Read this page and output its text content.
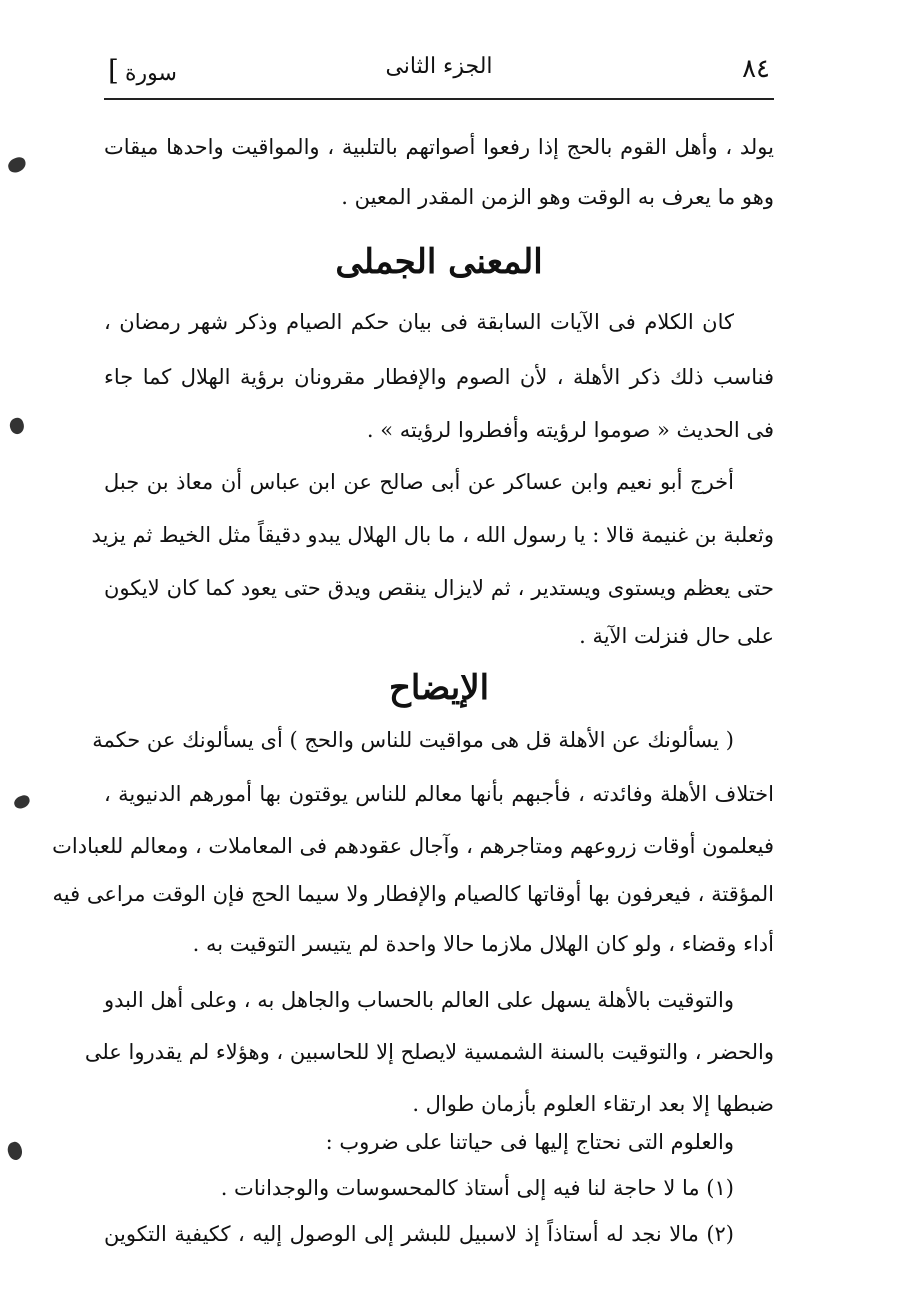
٨٤
الجزء الثانى
سورة]
يولد ، وأهل القوم بالحج إذا رفعوا أصواتهم بالتلبية ، والمواقيت واحدها ميقات
وهو ما يعرف به الوقت وهو الزمن المقدر المعين .
المعنى الجملى
كان الكلام فى الآيات السابقة فى بيان حكم الصيام وذكر شهر رمضان ،
فناسب ذلك ذكر الأهلة ، لأن الصوم والإفطار مقرونان برؤية الهلال كما جاء
فى الحديث « صوموا لرؤيته وأفطروا لرؤيته » .
أخرج أبو نعيم وابن عساكر عن أبى صالح عن ابن عباس أن معاذ بن جبل
وثعلبة بن غنيمة قالا : يا رسول الله ، ما بال الهلال يبدو دقيقاً مثل الخيط ثم يزيد
حتى يعظم ويستوى ويستدير ، ثم لايزال ينقص ويدق حتى يعود كما كان لايكون
على حال فنزلت الآية .
الإيضاح
( يسألونك عن الأهلة قل هى مواقيت للناس والحج ) أى يسألونك عن حكمة
اختلاف الأهلة وفائدته ، فأجبهم بأنها معالم للناس يوقتون بها أمورهم الدنيوية ،
فيعلمون أوقات زروعهم ومتاجرهم ، وآجال عقودهم فى المعاملات ، ومعالم للعبادات
المؤقتة ، فيعرفون بها أوقاتها كالصيام والإفطار ولا سيما الحج فإن الوقت مراعى فيه
أداء وقضاء ، ولو كان الهلال ملازما حالا واحدة لم يتيسر التوقيت به .
والتوقيت بالأهلة يسهل على العالم بالحساب والجاهل به ، وعلى أهل البدو
والحضر ، والتوقيت بالسنة الشمسية لايصلح إلا للحاسبين ، وهؤلاء لم يقدروا على
ضبطها إلا بعد ارتقاء العلوم بأزمان طوال .
والعلوم التى نحتاج إليها فى حياتنا على ضروب :
(١) ما لا حاجة لنا فيه إلى أستاذ كالمحسوسات والوجدانات .
(٢) مالا نجد له أستاذاً إذ لاسبيل للبشر إلى الوصول إليه ، ككيفية التكوين
